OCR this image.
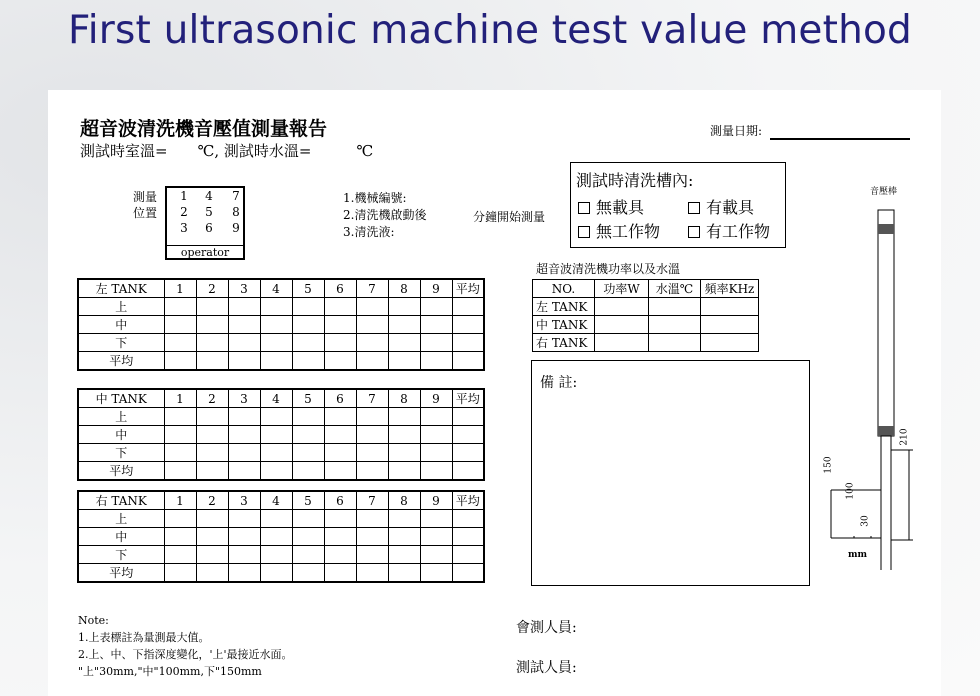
First ultrasonic machine test value method
超音波清洗機音壓值測量報告
測試時室溫=　　℃, 測試時水溫=　　　℃
測量日期:
測量
位置
1 4 7
2 5 8
3 6 9
operator
1.機械編號:
2.清洗機啟動後
3.清洗液:
分鐘開始測量
測試時清洗槽內:
無載具	有載具
無工作物	有工作物
左 TANK	1	2	3	4	5	6	7	8	9	平均
上										
中										
下										
平均										
中 TANK	1	2	3	4	5	6	7	8	9	平均
上										
中										
下										
平均										
右 TANK	1	2	3	4	5	6	7	8	9	平均
上										
中										
下										
平均										
超音波清洗機功率以及水溫
NO.	功率W	水溫℃	頻率KHz
左 TANK			
中 TANK			
右 TANK			
備 註:
Note:
1.上表標註為量測最大值。
2.上、中、下指深度變化，'上'最接近水面。
"上"30mm,"中"100mm,下"150mm
會測人員:
測試人員:
音壓棒
210
150
100
30
mm
